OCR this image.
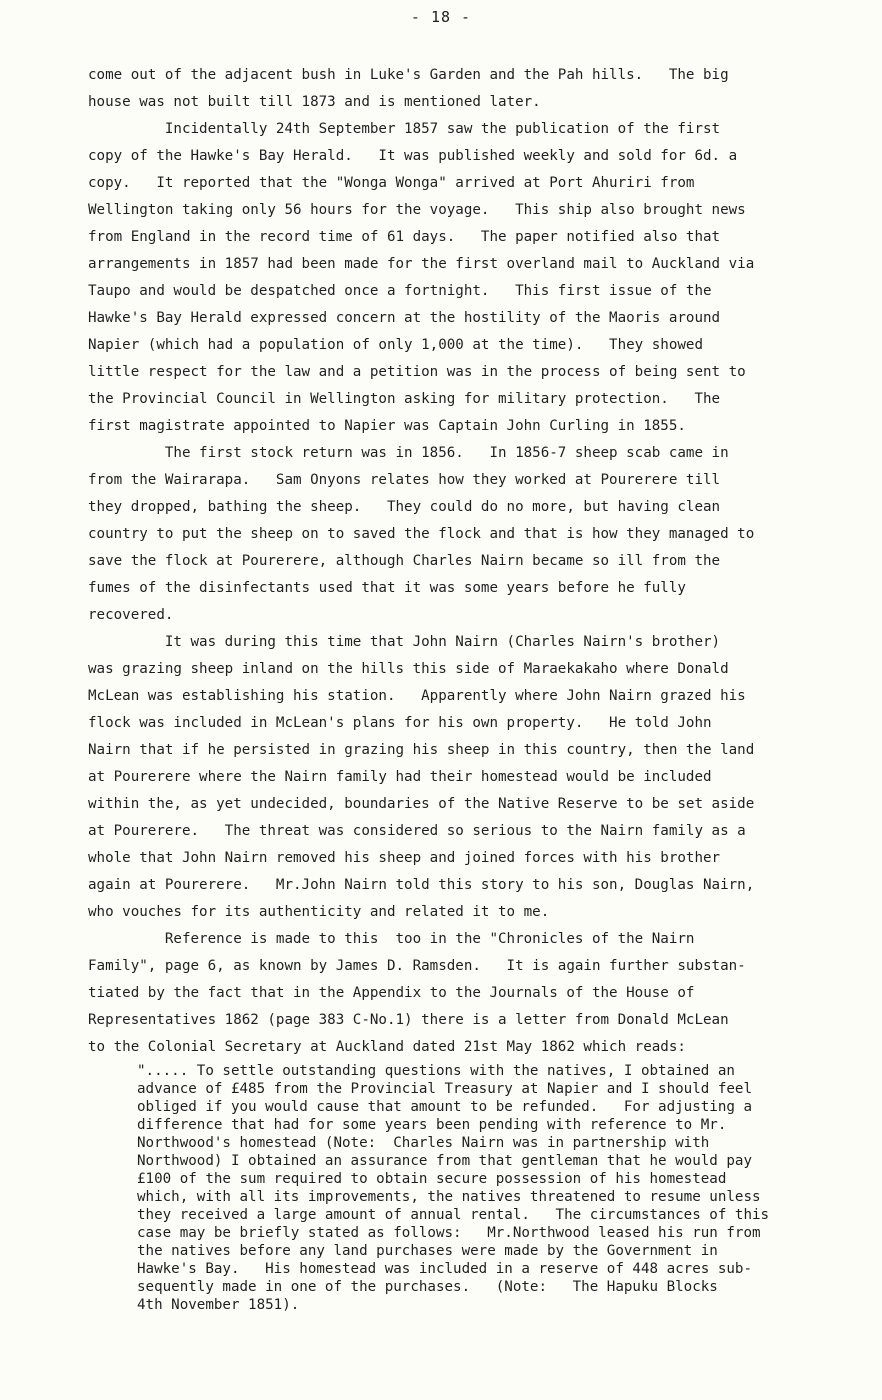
- 18 -
come out of the adjacent bush in Luke's Garden and the Pah hills.   The big
house was not built till 1873 and is mentioned later.
Incidentally 24th September 1857 saw the publication of the first
copy of the Hawke's Bay Herald.   It was published weekly and sold for 6d. a
copy.   It reported that the "Wonga Wonga" arrived at Port Ahuriri from
Wellington taking only 56 hours for the voyage.   This ship also brought news
from England in the record time of 61 days.   The paper notified also that
arrangements in 1857 had been made for the first overland mail to Auckland via
Taupo and would be despatched once a fortnight.   This first issue of the
Hawke's Bay Herald expressed concern at the hostility of the Maoris around
Napier (which had a population of only 1,000 at the time).   They showed
little respect for the law and a petition was in the process of being sent to
the Provincial Council in Wellington asking for military protection.   The
first magistrate appointed to Napier was Captain John Curling in 1855.
The first stock return was in 1856.   In 1856-7 sheep scab came in
from the Wairarapa.   Sam Onyons relates how they worked at Pourerere till
they dropped, bathing the sheep.   They could do no more, but having clean
country to put the sheep on to saved the flock and that is how they managed to
save the flock at Pourerere, although Charles Nairn became so ill from the
fumes of the disinfectants used that it was some years before he fully
recovered.
It was during this time that John Nairn (Charles Nairn's brother)
was grazing sheep inland on the hills this side of Maraekakaho where Donald
McLean was establishing his station.   Apparently where John Nairn grazed his
flock was included in McLean's plans for his own property.   He told John
Nairn that if he persisted in grazing his sheep in this country, then the land
at Pourerere where the Nairn family had their homestead would be included
within the, as yet undecided, boundaries of the Native Reserve to be set aside
at Pourerere.   The threat was considered so serious to the Nairn family as a
whole that John Nairn removed his sheep and joined forces with his brother
again at Pourerere.   Mr.John Nairn told this story to his son, Douglas Nairn,
who vouches for its authenticity and related it to me.
Reference is made to this  too in the "Chronicles of the Nairn
Family", page 6, as known by James D. Ramsden.   It is again further substan-
tiated by the fact that in the Appendix to the Journals of the House of
Representatives 1862 (page 383 C-No.1) there is a letter from Donald McLean
to the Colonial Secretary at Auckland dated 21st May 1862 which reads:
"..... To settle outstanding questions with the natives, I obtained an
advance of £485 from the Provincial Treasury at Napier and I should feel
obliged if you would cause that amount to be refunded.   For adjusting a
difference that had for some years been pending with reference to Mr.
Northwood's homestead (Note:  Charles Nairn was in partnership with
Northwood) I obtained an assurance from that gentleman that he would pay
£100 of the sum required to obtain secure possession of his homestead
which, with all its improvements, the natives threatened to resume unless
they received a large amount of annual rental.   The circumstances of this
case may be briefly stated as follows:   Mr.Northwood leased his run from
the natives before any land purchases were made by the Government in
Hawke's Bay.   His homestead was included in a reserve of 448 acres sub-
sequently made in one of the purchases.   (Note:   The Hapuku Blocks
4th November 1851).
